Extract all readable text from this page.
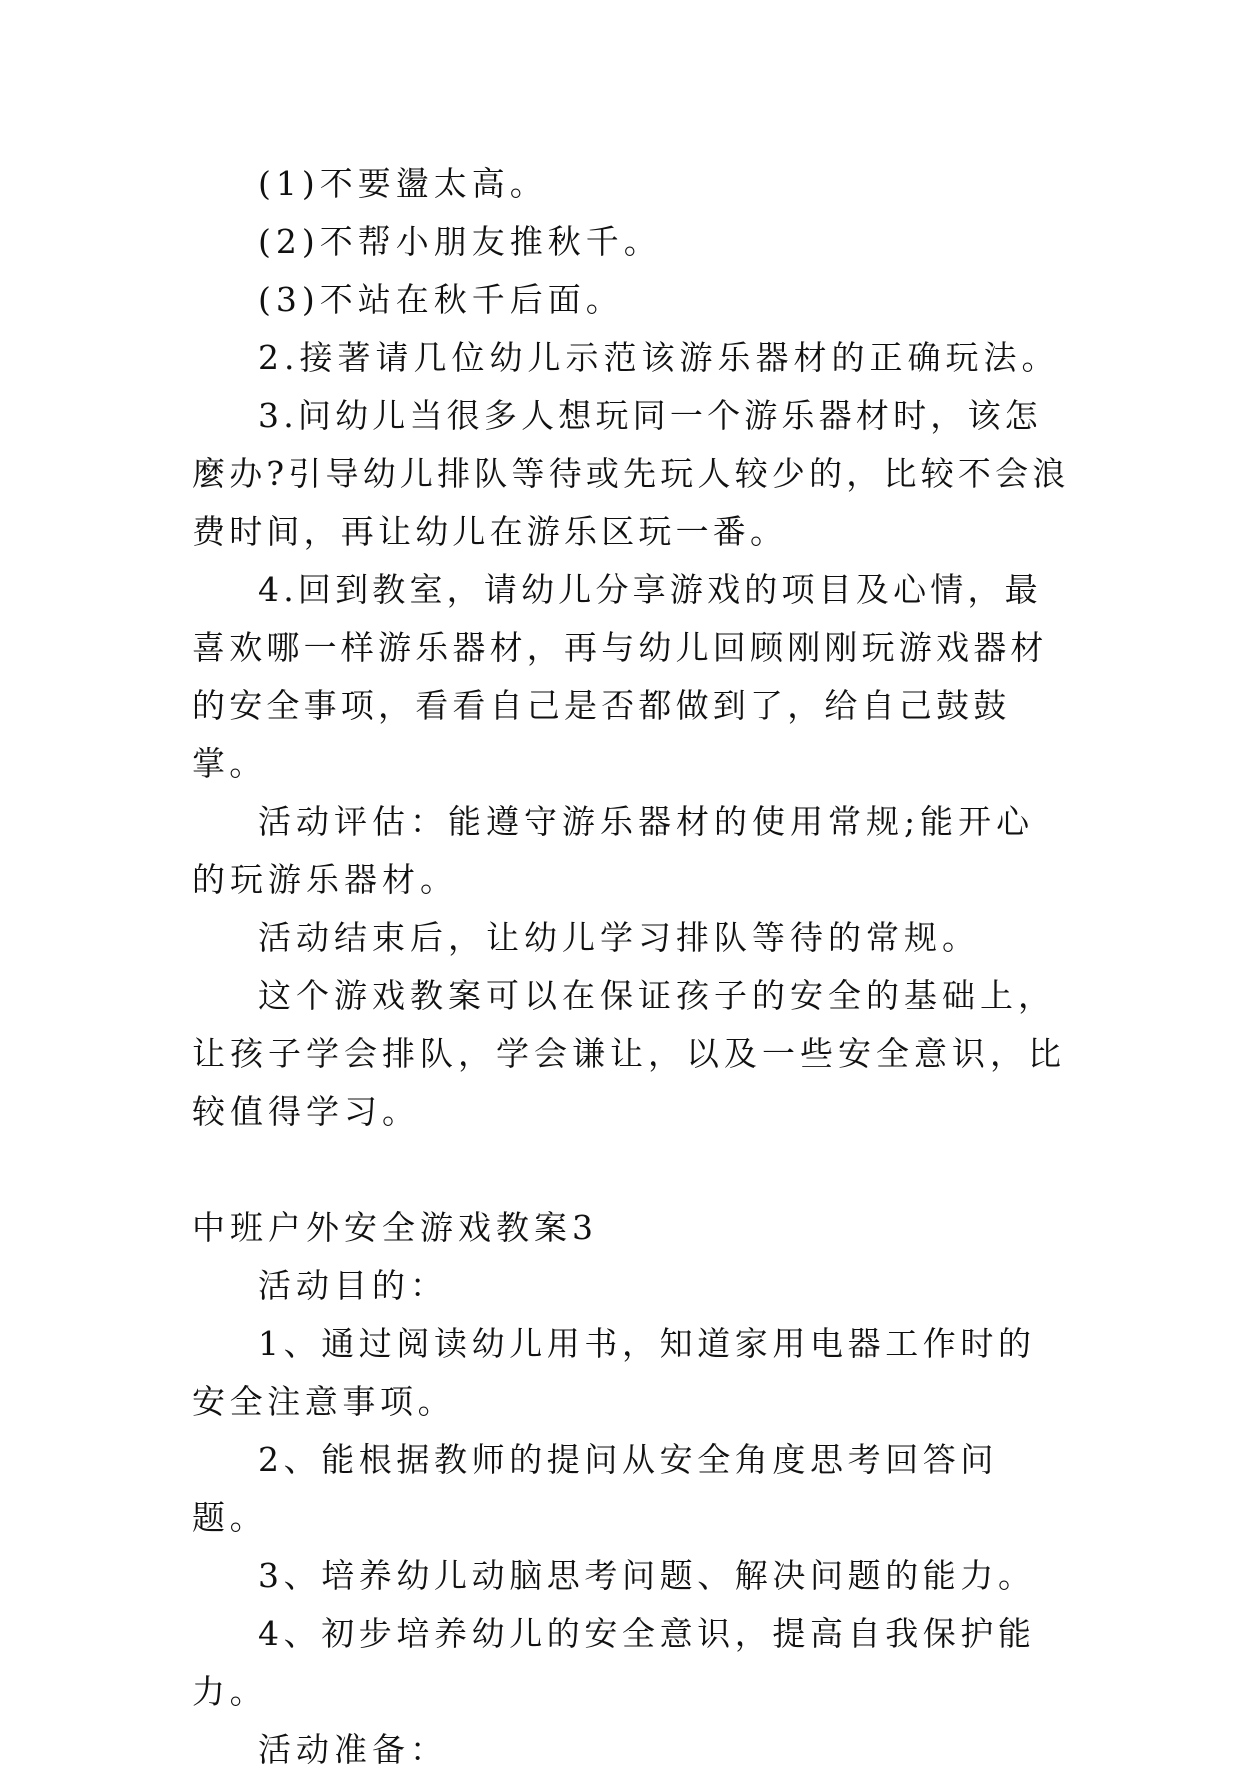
(1)不要盪太高。

(2)不帮小朋友推秋千。

(3)不站在秋千后面。

2.接著请几位幼儿示范该游乐器材的正确玩法。

3.问幼儿当很多人想玩同一个游乐器材时，该怎麼办?引导幼儿排队等待或先玩人较少的，比较不会浪费时间，再让幼儿在游乐区玩一番。

4.回到教室，请幼儿分享游戏的项目及心情，最喜欢哪一样游乐器材，再与幼儿回顾刚刚玩游戏器材的安全事项，看看自己是否都做到了，给自己鼓鼓掌。

活动评估：能遵守游乐器材的使用常规;能开心的玩游乐器材。

活动结束后，让幼儿学习排队等待的常规。

这个游戏教案可以在保证孩子的安全的基础上，让孩子学会排队，学会谦让，以及一些安全意识，比较值得学习。

中班户外安全游戏教案3

活动目的：

1、通过阅读幼儿用书，知道家用电器工作时的安全注意事项。

2、能根据教师的提问从安全角度思考回答问题。

3、培养幼儿动脑思考问题、解决问题的能力。

4、初步培养幼儿的安全意识，提高自我保护能力。

活动准备：
